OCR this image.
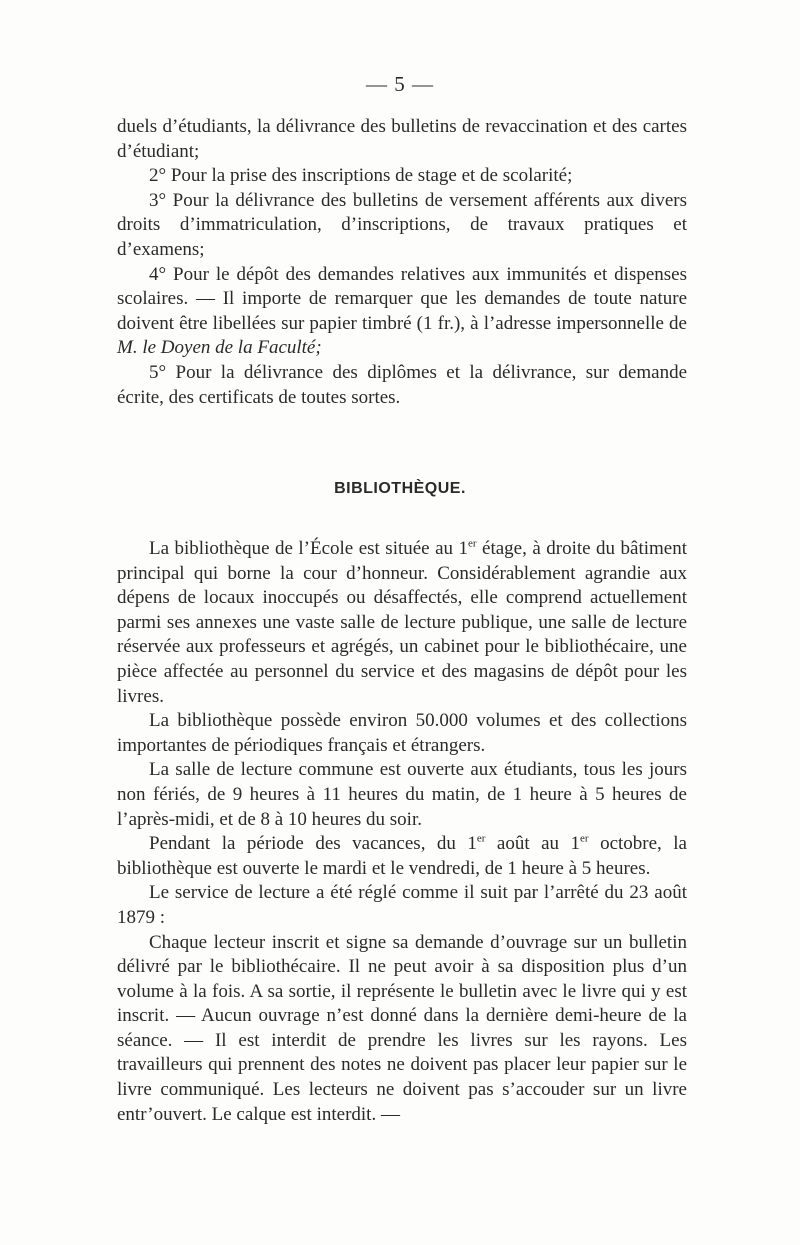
— 5 —

duels d’étudiants, la délivrance des bulletins de revaccination et des cartes d’étudiant;

2° Pour la prise des inscriptions de stage et de scolarité;

3° Pour la délivrance des bulletins de versement afférents aux divers droits d’immatriculation, d’inscriptions, de travaux pratiques et d’examens;

4° Pour le dépôt des demandes relatives aux immunités et dispenses scolaires. — Il importe de remarquer que les demandes de toute nature doivent être libellées sur papier timbré (1 fr.), à l’adresse impersonnelle de M. le Doyen de la Faculté;

5° Pour la délivrance des diplômes et la délivrance, sur demande écrite, des certificats de toutes sortes.

BIBLIOTHÈQUE.

La bibliothèque de l’École est située au 1er étage, à droite du bâtiment principal qui borne la cour d’honneur. Considérablement agrandie aux dépens de locaux inoccupés ou désaffectés, elle comprend actuellement parmi ses annexes une vaste salle de lecture publique, une salle de lecture réservée aux professeurs et agrégés, un cabinet pour le bibliothécaire, une pièce affectée au personnel du service et des magasins de dépôt pour les livres.

La bibliothèque possède environ 50.000 volumes et des collections importantes de périodiques français et étrangers.

La salle de lecture commune est ouverte aux étudiants, tous les jours non fériés, de 9 heures à 11 heures du matin, de 1 heure à 5 heures de l’après-midi, et de 8 à 10 heures du soir.

Pendant la période des vacances, du 1er août au 1er octobre, la bibliothèque est ouverte le mardi et le vendredi, de 1 heure à 5 heures.

Le service de lecture a été réglé comme il suit par l’arrêté du 23 août 1879 :

Chaque lecteur inscrit et signe sa demande d’ouvrage sur un bulletin délivré par le bibliothécaire. Il ne peut avoir à sa disposition plus d’un volume à la fois. A sa sortie, il représente le bulletin avec le livre qui y est inscrit. — Aucun ouvrage n’est donné dans la dernière demi-heure de la séance. — Il est interdit de prendre les livres sur les rayons. Les travailleurs qui prennent des notes ne doivent pas placer leur papier sur le livre communiqué. Les lecteurs ne doivent pas s’accouder sur un livre entr’ouvert. Le calque est interdit. —
